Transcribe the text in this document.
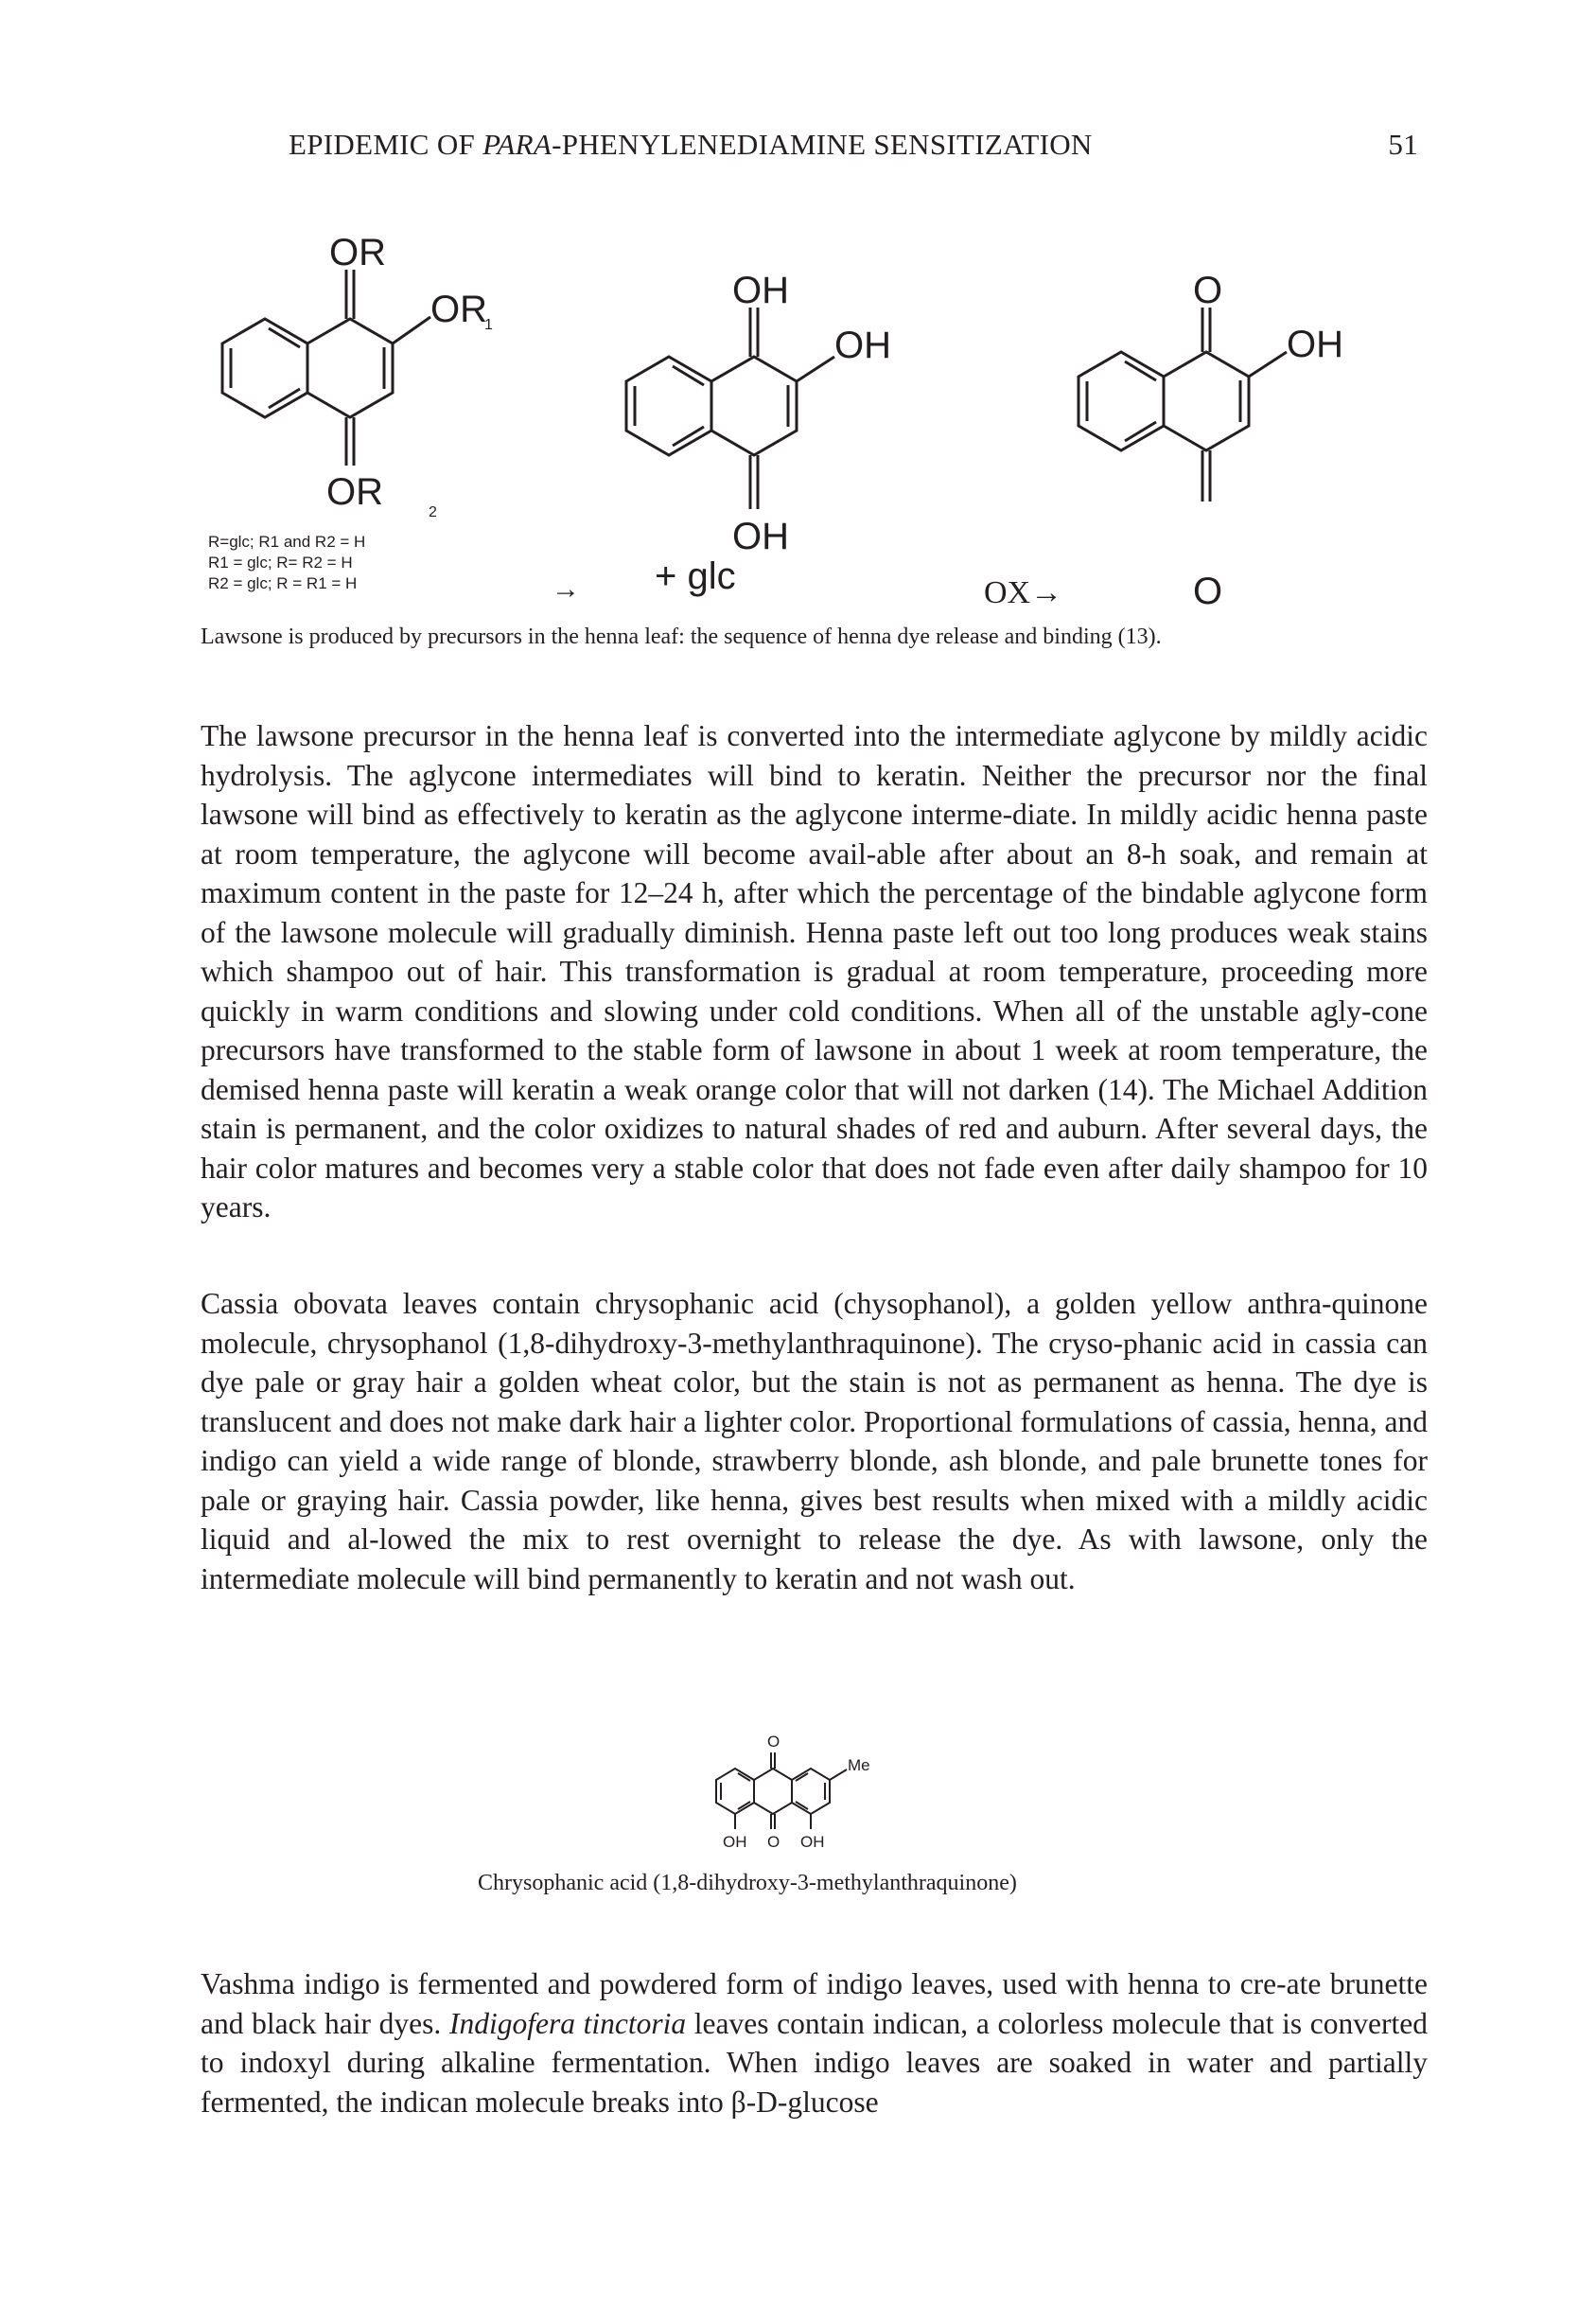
EPIDEMIC OF PARA-PHENYLENEDIAMINE SENSITIZATION	51
OR
OR
1
OR	2
R=glc; R1 and R2 = H
R1 = glc; R= R2 = H
R2 = glc; R = R1 = H	→
OH
OH
OH
+ glc	OX→
O
OH
O
Lawsone is produced by precursors in the henna leaf: the sequence of henna dye release and binding (13).

The lawsone precursor in the henna leaf is converted into the intermediate aglycone by mildly acidic hydrolysis. The aglycone intermediates will bind to keratin. Neither the precursor nor the final lawsone will bind as effectively to keratin as the aglycone interme-diate. In mildly acidic henna paste at room temperature, the aglycone will become avail-able after about an 8-h soak, and remain at maximum content in the paste for 12–24 h, after which the percentage of the bindable aglycone form of the lawsone molecule will gradually diminish. Henna paste left out too long produces weak stains which shampoo out of hair. This transformation is gradual at room temperature, proceeding more quickly in warm conditions and slowing under cold conditions. When all of the unstable agly-cone precursors have transformed to the stable form of lawsone in about 1 week at room temperature, the demised henna paste will keratin a weak orange color that will not darken (14). The Michael Addition stain is permanent, and the color oxidizes to natural shades of red and auburn. After several days, the hair color matures and becomes very a stable color that does not fade even after daily shampoo for 10 years.

Cassia obovata leaves contain chrysophanic acid (chysophanol), a golden yellow anthra-quinone molecule, chrysophanol (1,8-dihydroxy-3-methylanthraquinone). The cryso-phanic acid in cassia can dye pale or gray hair a golden wheat color, but the stain is not as permanent as henna. The dye is translucent and does not make dark hair a lighter color. Proportional formulations of cassia, henna, and indigo can yield a wide range of blonde, strawberry blonde, ash blonde, and pale brunette tones for pale or graying hair. Cassia powder, like henna, gives best results when mixed with a mildly acidic liquid and al-lowed the mix to rest overnight to release the dye. As with lawsone, only the intermediate molecule will bind permanently to keratin and not wash out.

O
Me
OH O OH
Chrysophanic acid (1,8-dihydroxy-3-methylanthraquinone)

Vashma indigo is fermented and powdered form of indigo leaves, used with henna to cre-ate brunette and black hair dyes. Indigofera tinctoria leaves contain indican, a colorless molecule that is converted to indoxyl during alkaline fermentation. When indigo leaves are soaked in water and partially fermented, the indican molecule breaks into β-D-glucose
